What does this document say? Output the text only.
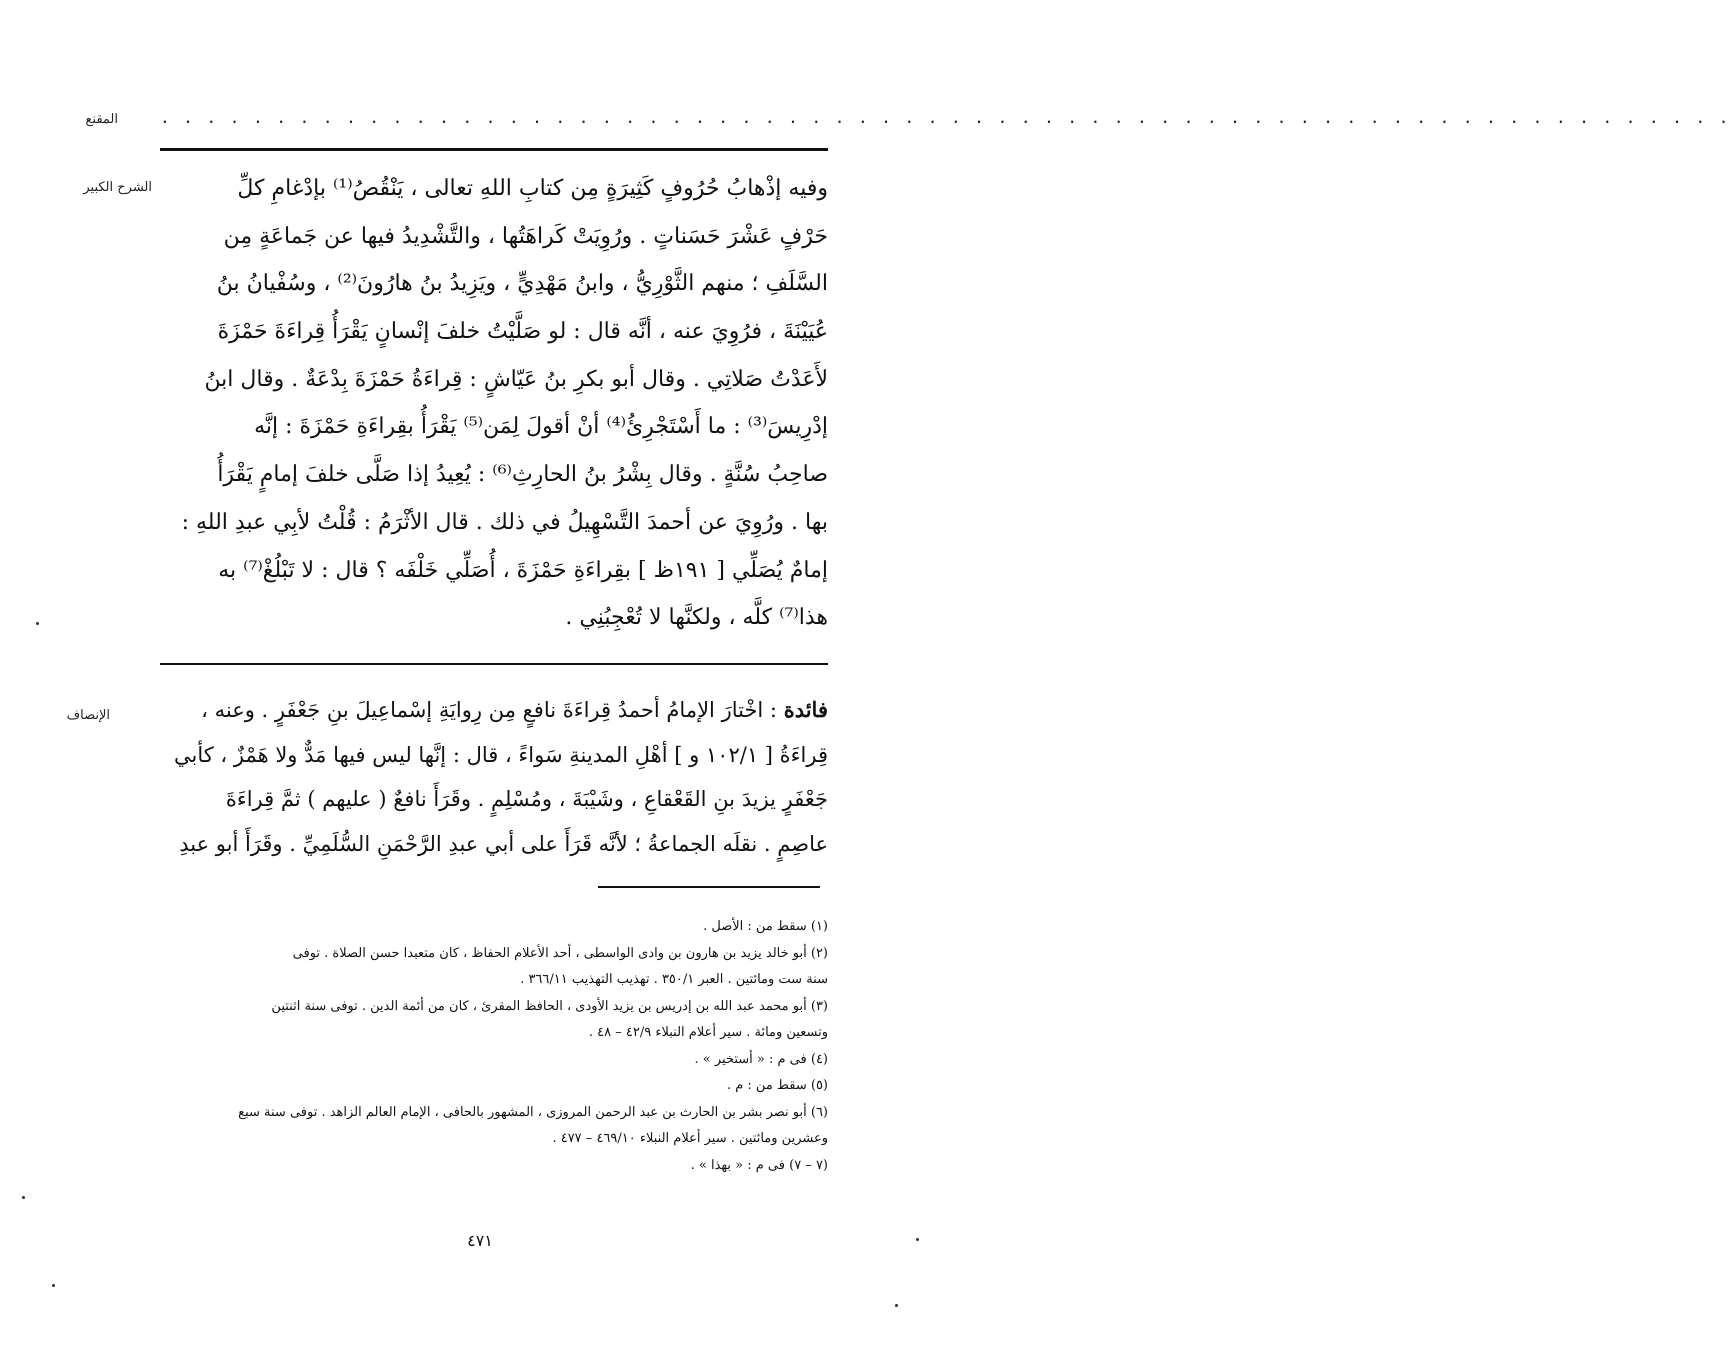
المقنع	. . . . . . . . . . . . . . . . . . . . . . . . . . . . . . . . . . . . . . . . . . . . . . . . . . . . . . . . . . . . . . . . . . . .
الشرح الكبير
الإنصاف
وفيه إذْهابُ حُرُوفٍ كَثِيرَةٍ مِن كتابِ اللهِ تعالى ، يَنْقُصُ⁽¹⁾ بإدْغامِ كلِّ
حَرْفٍ عَشْرَ حَسَناتٍ . ورُوِيَتْ كَراهَتُها ، والتَّشْدِيدُ فيها عن جَماعَةٍ مِن
السَّلَفِ ؛ منهم الثَّوْرِيُّ ، وابنُ مَهْدِيٍّ ، ويَزِيدُ بنُ هارُونَ⁽²⁾ ، وسُفْيانُ بنُ
عُيَيْنَةَ ، فرُوِيَ عنه ، أنَّه قال : لو صَلَّيْتُ خلفَ إنْسانٍ يَقْرَأُ قِراءَةَ حَمْزَةَ
لأَعَدْتُ صَلاتِي . وقال أبو بكرِ بنُ عَيّاشٍ : قِراءَةُ حَمْزَةَ بِدْعَةٌ . وقال ابنُ
إدْرِيسَ⁽³⁾ : ما أَسْتَجْرِئُ⁽⁴⁾ أنْ أقولَ لِمَن⁽⁵⁾ يَقْرَأُ بقِراءَةِ حَمْزَةَ : إنَّه
صاحِبُ سُنَّةٍ . وقال بِشْرُ بنُ الحارِثِ⁽⁶⁾ : يُعِيدُ إذا صَلَّى خلفَ إمامٍ يَقْرَأُ
بها . ورُوِيَ عن أحمدَ التَّسْهِيلُ في ذلك . قال الأثْرَمُ : قُلْتُ لأبِي عبدِ اللهِ :
إمامٌ يُصَلِّي [ ١٩١ظ ] بقِراءَةِ حَمْزَةَ ، أُصَلِّي خَلْفَه ؟ قال : لا تَبْلُغْ⁽⁷⁾ به
هذا⁽⁷⁾ كلَّه ، ولكنَّها لا تُعْجِبُنِي .
فائدة : اخْتارَ الإمامُ أحمدُ قِراءَةَ نافعٍ مِن رِوايَةِ إسْماعِيلَ بنِ جَعْفَرٍ . وعنه ،
قِراءَةُ [ ١٠٢/١ و ] أهْلِ المدينةِ سَواءً ، قال : إنَّها ليس فيها مَدٌّ ولا هَمْزٌ ، كأبي
جَعْفَرٍ يزيدَ بنِ القَعْقاعِ ، وشَيْبَةَ ، ومُسْلِمٍ . وقَرَأَ نافعٌ ( عليهم ) ثمَّ قِراءَةَ
عاصِمٍ . نقلَه الجماعةُ ؛ لأنَّه قَرَأَ على أبي عبدِ الرَّحْمَنِ السُّلَمِيِّ . وقَرَأَ أبو عبدِ
(١) سقط من : الأصل .
(٢) أبو خالد يزيد بن هارون بن وادى الواسطى ، أحد الأعلام الحفاظ ، كان متعبدا حسن الصلاة . توفى
سنة ست ومائتين . العبر ٣٥٠/١ . تهذيب التهذيب ٣٦٦/١١ .
(٣) أبو محمد عبد الله بن إدريس بن يزيد الأودى ، الحافظ المقرئ ، كان من أئمة الدين . توفى سنة اثنتين
وتسعين ومائة . سير أعلام النبلاء ٤٢/٩ – ٤٨ .
(٤) فى م : « أستخير » .
(٥) سقط من : م .
(٦) أبو نصر بشر بن الحارث بن عبد الرحمن المروزى ، المشهور بالحافى ، الإمام العالم الزاهد . توفى سنة سبع
وعشرين ومائتين . سير أعلام النبلاء ٤٦٩/١٠ – ٤٧٧ .
(٧ – ٧) فى م : « بهذا » .
٤٧١
